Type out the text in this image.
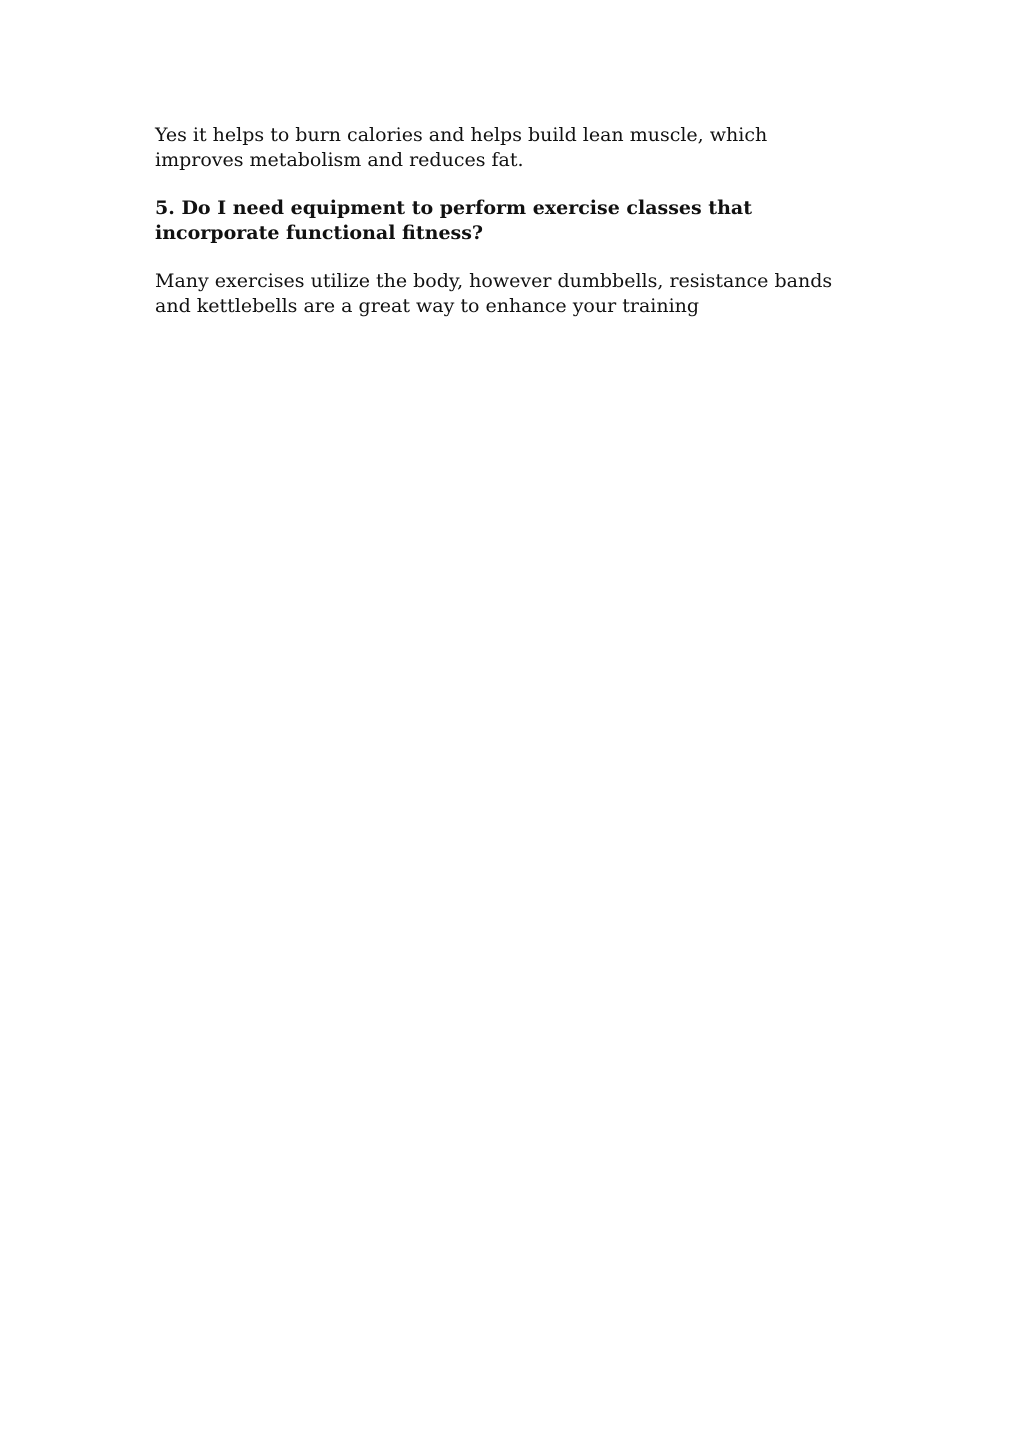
Yes it helps to burn calories and helps build lean muscle, which improves metabolism and reduces fat.

5. Do I need equipment to perform exercise classes that incorporate functional fitness?

Many exercises utilize the body, however dumbbells, resistance bands and kettlebells are a great way to enhance your training
